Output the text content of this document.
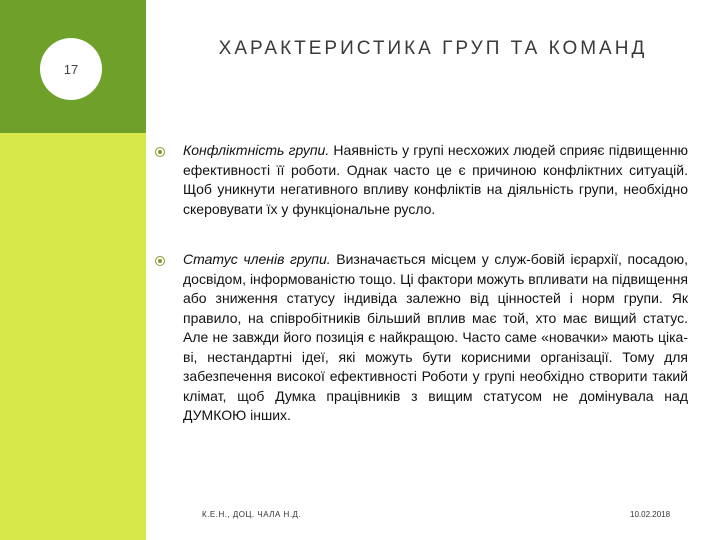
17
ХАРАКТЕРИСТИКА ГРУП ТА КОМАНД
Конфліктність групи. Наявність у групі несхожих людей сприяє підвищенню ефективності її роботи. Однак часто це є причиною конфліктних ситуацій. Щоб уникнути негативного впливу конфліктів на діяльність групи, необхідно скеровувати їх у функціональне русло.
Статус членів групи. Визначається місцем у служ-бовій ієрархії, посадою, досвідом, інформованістю тощо. Ці фактори можуть впливати на підвищення або зниження статусу індивіда залежно від цінностей і норм групи. Як правило, на співробітників більший вплив має той, хто має вищий статус. Але не завжди його позиція є найкращою. Часто саме «новачки» мають ціка-ві, нестандартні ідеї, які можуть бути корисними організації. Тому для забезпечення високої ефективності Роботи у групі необхідно створити такий клімат, щоб Думка працівників з вищим статусом не домінувала над ДУМКОЮ інших.
К.Е.Н., ДОЦ. ЧАЛА Н.Д.	10.02.2018
